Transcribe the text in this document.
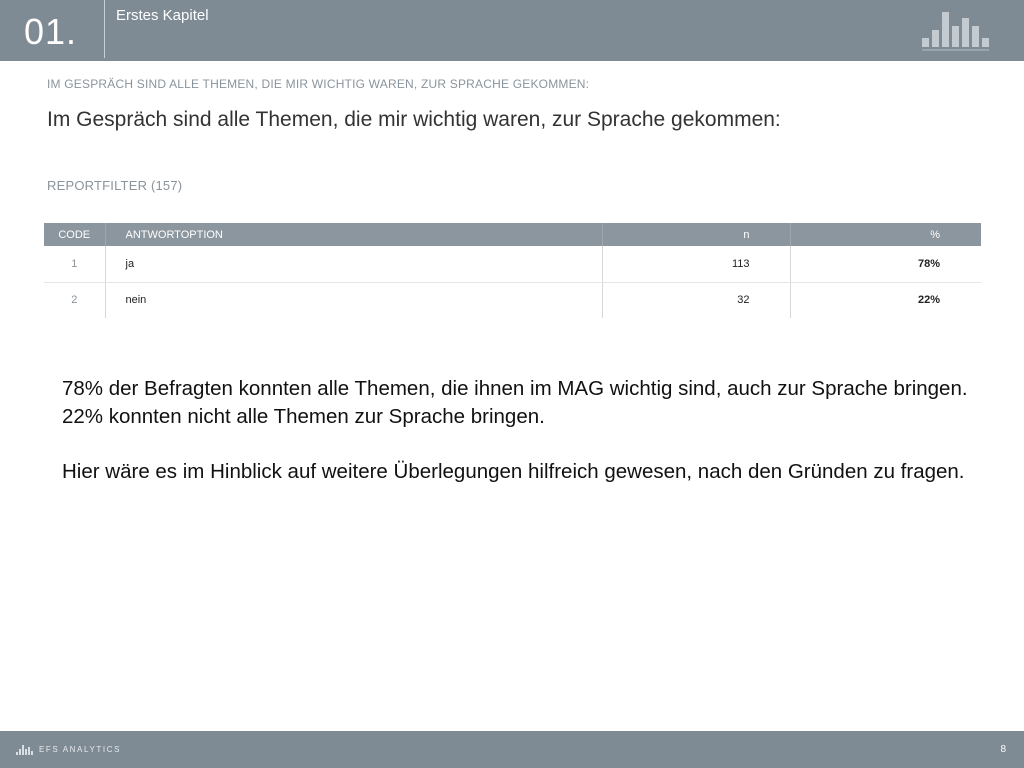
01.	Erstes Kapitel
IM GESPRÄCH SIND ALLE THEMEN, DIE MIR WICHTIG WAREN, ZUR SPRACHE GEKOMMEN:
Im Gespräch sind alle Themen, die mir wichtig waren, zur Sprache gekommen:
REPORTFILTER (157)
CODE	ANTWORTOPTION	n	%
1	ja	113	78%
2	nein	32	22%

78% der Befragten konnten alle Themen, die ihnen im MAG wichtig sind, auch zur Sprache bringen.

22% konnten nicht alle Themen zur Sprache bringen.

Hier wäre es im Hinblick auf weitere Überlegungen hilfreich gewesen, nach den Gründen zu fragen.

EFS ANALYTICS	8
